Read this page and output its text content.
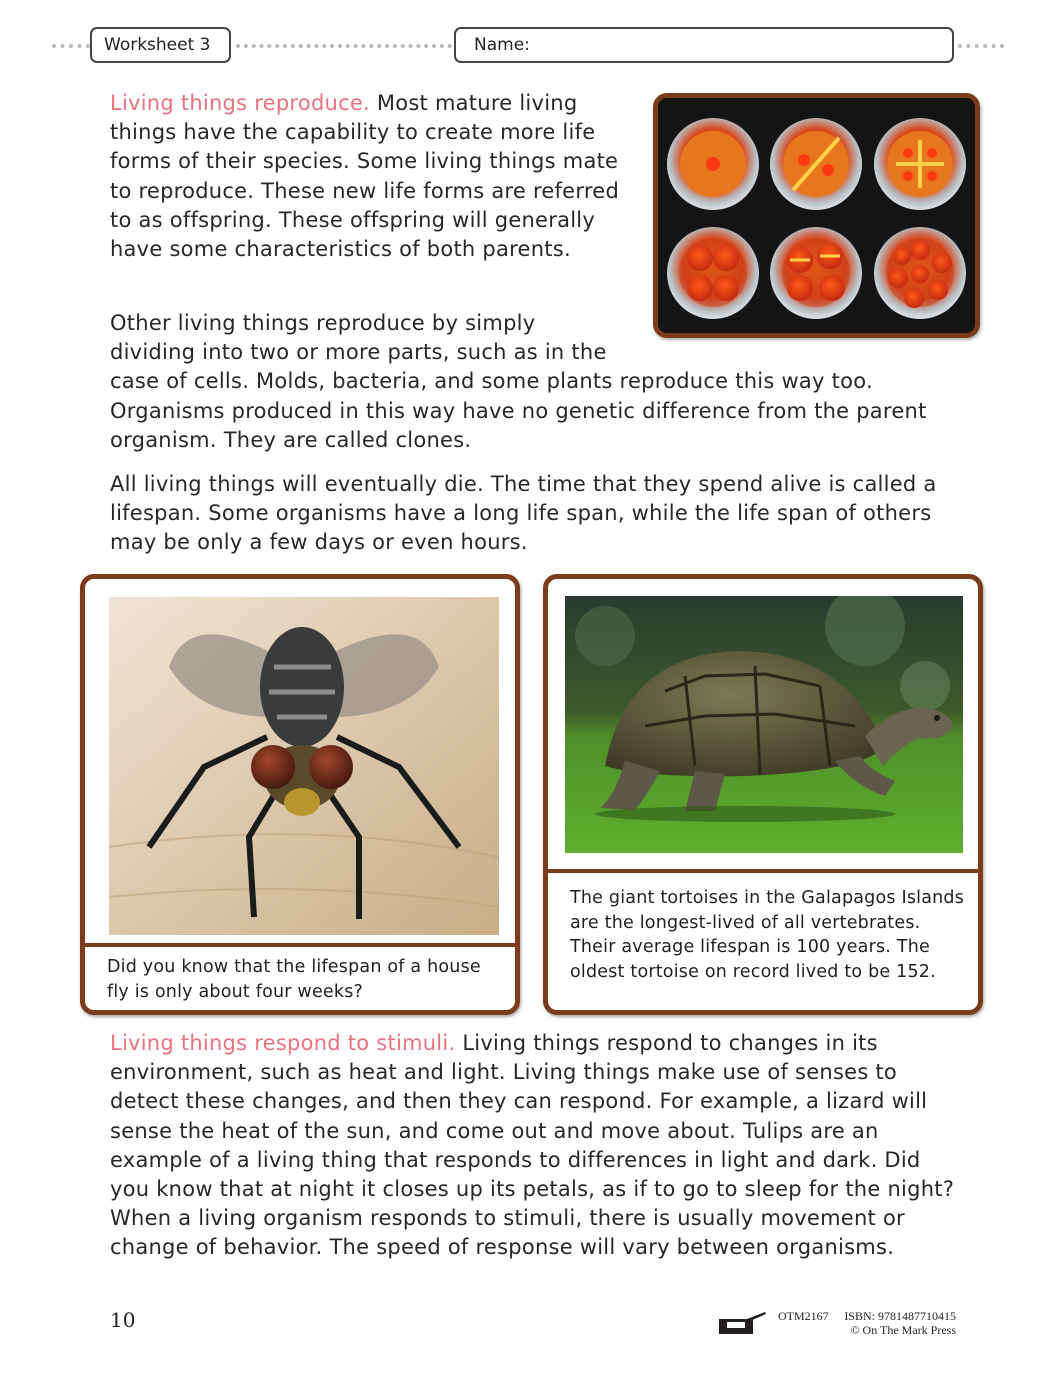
Worksheet 3	Name:

Living things reproduce. Most mature living things have the capability to create more life forms of their species. Some living things mate to reproduce. These new life forms are referred to as offspring. These offspring will generally have some characteristics of both parents.

Other living things reproduce by simply dividing into two or more parts, such as in the case of cells. Molds, bacteria, and some plants reproduce this way too. Organisms produced in this way have no genetic difference from the parent organism. They are called clones.

All living things will eventually die. The time that they spend alive is called a lifespan. Some organisms have a long life span, while the life span of others may be only a few days or even hours.

Did you know that the lifespan of a house fly is only about four weeks?

The giant tortoises in the Galapagos Islands are the longest-lived of all vertebrates. Their average lifespan is 100 years. The oldest tortoise on record lived to be 152.

Living things respond to stimuli. Living things respond to changes in its environment, such as heat and light. Living things make use of senses to detect these changes, and then they can respond. For example, a lizard will sense the heat of the sun, and come out and move about. Tulips are an example of a living thing that responds to differences in light and dark. Did you know that at night it closes up its petals, as if to go to sleep for the night? When a living organism responds to stimuli, there is usually movement or change of behavior. The speed of response will vary between organisms.

10	OTM2167 ISBN: 9781487710415
© On The Mark Press
